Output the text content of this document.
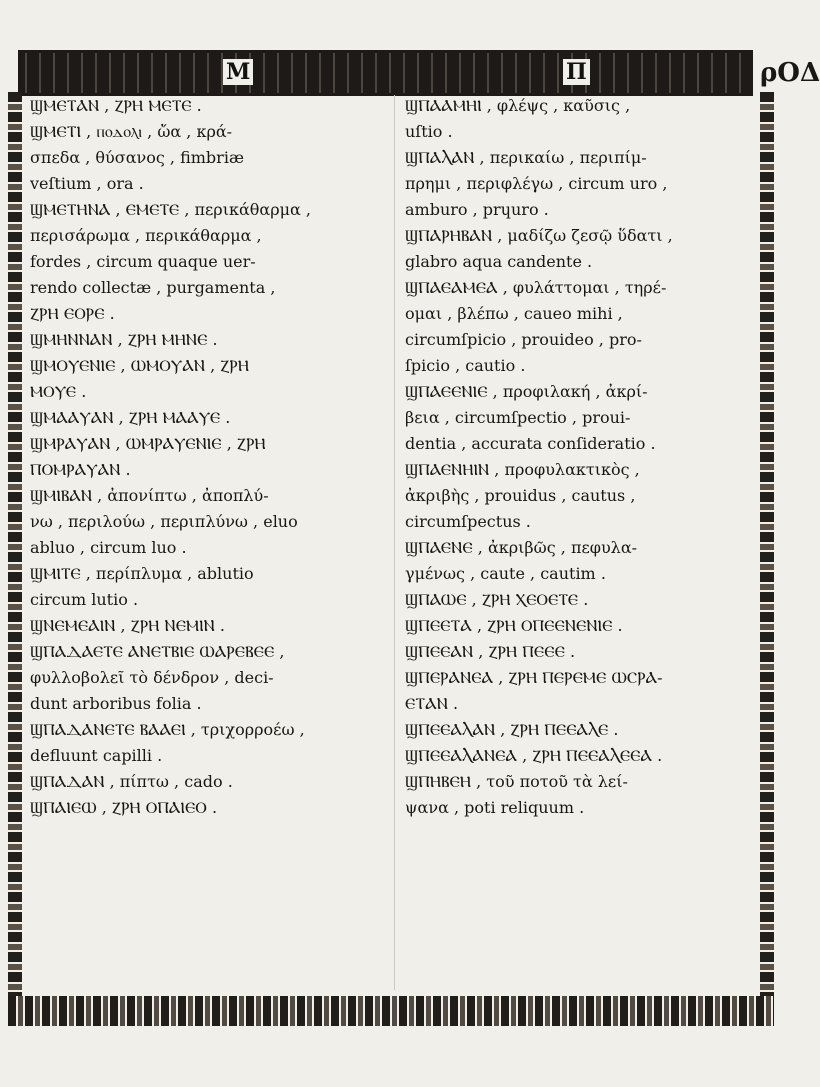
M	П	ρΟΔ
ϢⲘⲈⲦⲀⲚ , ⲌⲢⲎ ⲘⲈⲦⲈ .
ϢⲘⲈⲦⲒ , ⲡⲟⲇⲟⲗⲓ , ὤα , κρά-
σπεδα , θύσανος , fimbriæ
veſtium , ora .
ϢⲘⲈⲦⲎⲚⲀ , ⲈⲘⲈⲦⲈ , περικάθαρμα ,
περισάρωμα , περικάθαρμα ,
fordes , circum quaque uer-
rendo collectæ , purgamenta ,
ⲌⲢⲎ ⲈⲞⲢⲈ .
ϢⲘⲎⲚⲚⲀⲚ , ⲌⲢⲎ ⲘⲎⲚⲈ .
ϢⲘⲞⲨⲈⲚⲒⲈ , ⲰⲘⲞⲨⲀⲚ , ⲌⲢⲎ
ⲘⲞⲨⲈ .
ϢⲘⲀⲀⲨⲀⲚ , ⲌⲢⲎ ⲘⲀⲀⲨⲈ .
ϢⲘⲢⲀⲨⲀⲚ , ⲰⲘⲢⲀⲨⲈⲚⲒⲈ , ⲌⲢⲎ
ⲠⲞⲘⲢⲀⲨⲀⲚ .
ϢⲘⲒⲂⲀⲚ , ἀπονίπτω , ἀποπλύ-
νω , περιλούω , περιπλύνω , eluo
abluo , circum luo .
ϢⲘⲒⲦⲈ , περίπλυμα , ablutio
circum lutio .
ϢⲚⲈⲘⲈⲀⲒⲚ , ⲌⲢⲎ ⲚⲈⲘⲒⲚ .
ϢⲠⲀⲆⲀⲈⲦⲈ ⲀⲚⲈⲦⲂⲒⲈ ⲰⲀⲢⲈⲂⲈⲈ ,
φυλλοβολεῖ τὸ δένδρον , deci-
dunt arboribus folia .
ϢⲠⲀⲆⲀⲚⲈⲦⲈ ⲂⲀⲀⲈⲒ , τριχορροέω ,
defluunt capilli .
ϢⲠⲀⲆⲀⲚ , πίπτω , cado .
ϢⲠⲀⲒⲈⲰ , ⲌⲢⲎ ⲞⲠⲀⲒⲈⲞ .
ϢⲠⲀⲀⲘⲎⲒ , φλέψς , καῦσις ,
uſtio .
ϢⲠⲀⲖⲀⲚ , περικαίω , περιπίμ-
πρημι , περιφλέγω , circum uro ,
amburo , prɥuro .
ϢⲠⲀⲢⲎⲂⲀⲚ , μαδίζω ζεσῷ ὕδατι ,
glabro aqua candente .
ϢⲠⲀⲈⲀⲘⲈⲀ , φυλάττομαι , τηρέ-
ομαι , βλέπω , caueo mihi ,
circumſpicio , prouideo , pro-
ſpicio , cautio .
ϢⲠⲀⲈⲈⲚⲒⲈ , προφιλακή , ἀκρί-
βεια , circumſpectio , proui-
dentia , accurata conſideratio .
ϢⲠⲀⲈⲚⲎⲒⲚ , προφυλακτικὸς ,
ἀκριβὴς , prouidus , cautus ,
circumſpectus .
ϢⲠⲀⲈⲚⲈ , ἀκριβῶς , πεφυλα-
γμένως , caute , cautim .
ϢⲠⲀⲰⲈ , ⲌⲢⲎ ⲬⲈⲞⲈⲦⲈ .
ϢⲠⲈⲈⲦⲀ , ⲌⲢⲎ ⲞⲠⲈⲈⲚⲈⲚⲒⲈ .
ϢⲠⲈⲈⲀⲚ , ⲌⲢⲎ ⲠⲈⲈⲈ .
ϢⲠⲈⲢⲀⲚⲈⲀ , ⲌⲢⲎ ⲠⲈⲢⲈⲘⲈ ⲰⲤⲢⲀ-
ⲈⲦⲀⲚ .
ϢⲠⲈⲈⲀⲖⲀⲚ , ⲌⲢⲎ ⲠⲈⲈⲀⲖⲈ .
ϢⲠⲈⲈⲀⲖⲀⲚⲈⲀ , ⲌⲢⲎ ⲠⲈⲈⲀⲖⲈⲈⲀ .
ϢⲠⲎⲂⲈⲎ , τοῦ ποτοῦ τὰ λεί-
ψανα , poti reliquum .
